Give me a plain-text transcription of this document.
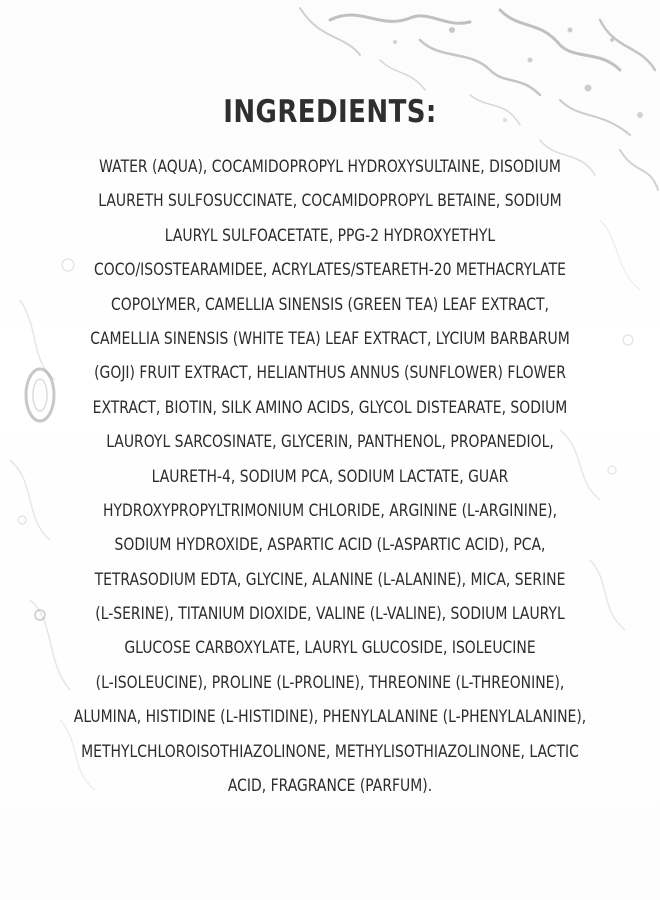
INGREDIENTS:
WATER (AQUA), COCAMIDOPROPYL HYDROXYSULTAINE, DISODIUM
LAURETH SULFOSUCCINATE, COCAMIDOPROPYL BETAINE, SODIUM
LAURYL SULFOACETATE, PPG-2 HYDROXYETHYL
COCO/ISOSTEARAMIDEE, ACRYLATES/STEARETH-20 METHACRYLATE
COPOLYMER, CAMELLIA SINENSIS (GREEN TEA) LEAF EXTRACT,
CAMELLIA SINENSIS (WHITE TEA) LEAF EXTRACT, LYCIUM BARBARUM
(GOJI) FRUIT EXTRACT, HELIANTHUS ANNUS (SUNFLOWER) FLOWER
EXTRACT, BIOTIN, SILK AMINO ACIDS, GLYCOL DISTEARATE, SODIUM
LAUROYL SARCOSINATE, GLYCERIN, PANTHENOL, PROPANEDIOL,
LAURETH-4, SODIUM PCA, SODIUM LACTATE, GUAR
HYDROXYPROPYLTRIMONIUM CHLORIDE, ARGININE (L-ARGININE),
SODIUM HYDROXIDE, ASPARTIC ACID (L-ASPARTIC ACID), PCA,
TETRASODIUM EDTA, GLYCINE, ALANINE (L-ALANINE), MICA, SERINE
(L-SERINE), TITANIUM DIOXIDE, VALINE (L-VALINE), SODIUM LAURYL
GLUCOSE CARBOXYLATE, LAURYL GLUCOSIDE, ISOLEUCINE
(L-ISOLEUCINE), PROLINE (L-PROLINE), THREONINE (L-THREONINE),
ALUMINA, HISTIDINE (L-HISTIDINE), PHENYLALANINE (L-PHENYLALANINE),
METHYLCHLOROISOTHIAZOLINONE, METHYLISOTHIAZOLINONE, LACTIC
ACID, FRAGRANCE (PARFUM).
